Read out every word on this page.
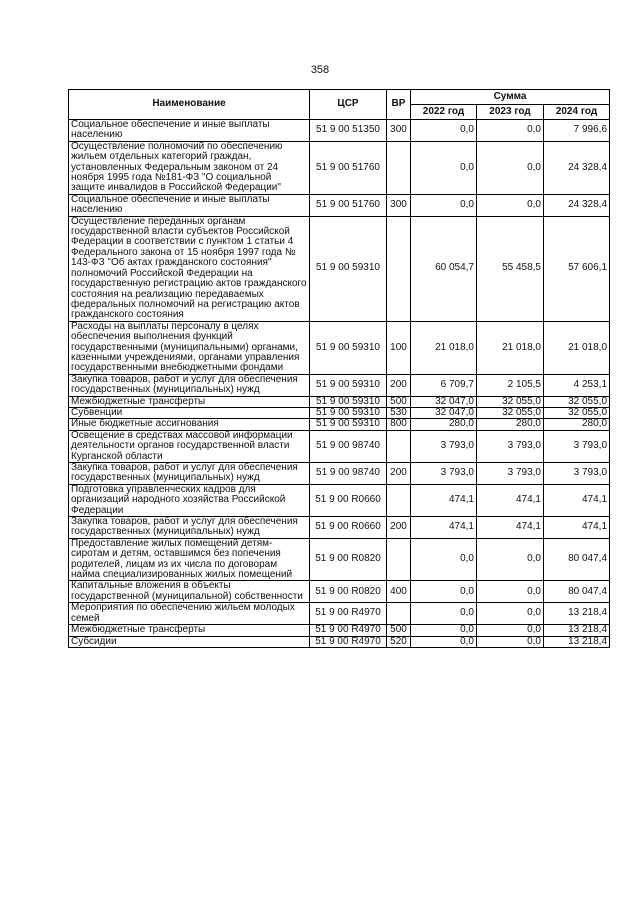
358
Наименование	ЦСР	ВР	Сумма		
			2022 год	2023 год	2024 год
Социальное обеспечение и иные выплаты населению	51 9 00 51350	300	0,0	0,0	7 996,6
Осуществление полномочий по обеспечению жильем отдельных категорий граждан, установленных Федеральным законом от 24 ноября 1995 года №181-ФЗ "О социальной защите инвалидов в Российской Федерации"	51 9 00 51760		0,0	0,0	24 328,4
Социальное обеспечение и иные выплаты населению	51 9 00 51760	300	0,0	0,0	24 328,4
Осуществление переданных органам государственной власти субъектов Российской Федерации в соответствии с пунктом 1 статьи 4 Федерального закона от 15 ноября 1997 года № 143-ФЗ "Об актах гражданского состояния" полномочий Российской Федерации на государственную регистрацию актов гражданского состояния на реализацию передаваемых федеральных полномочий на регистрацию актов гражданского состояния	51 9 00 59310		60 054,7	55 458,5	57 606,1
Расходы на выплаты персоналу в целях обеспечения выполнения функций государственными (муниципальными) органами, казенными учреждениями, органами управления государственными внебюджетными фондами	51 9 00 59310	100	21 018,0	21 018,0	21 018,0
Закупка товаров, работ и услуг для обеспечения государственных (муниципальных) нужд	51 9 00 59310	200	6 709,7	2 105,5	4 253,1
Межбюджетные трансферты	51 9 00 59310	500	32 047,0	32 055,0	32 055,0
Субвенции	51 9 00 59310	530	32 047,0	32 055,0	32 055,0
Иные бюджетные ассигнования	51 9 00 59310	800	280,0	280,0	280,0
Освещение в средствах массовой информации деятельности органов государственной власти Курганской области	51 9 00 98740		3 793,0	3 793,0	3 793,0
Закупка товаров, работ и услуг для обеспечения государственных (муниципальных) нужд	51 9 00 98740	200	3 793,0	3 793,0	3 793,0
Подготовка управленческих кадров для организаций народного хозяйства Российской Федерации	51 9 00 R0660		474,1	474,1	474,1
Закупка товаров, работ и услуг для обеспечения государственных (муниципальных) нужд	51 9 00 R0660	200	474,1	474,1	474,1
Предоставление жилых помещений детям-сиротам и детям, оставшимся без попечения родителей, лицам из их числа по договорам найма специализированных жилых помещений	51 9 00 R0820		0,0	0,0	80 047,4
Капитальные вложения в объекты государственной (муниципальной) собственности	51 9 00 R0820	400	0,0	0,0	80 047,4
Мероприятия по обеспечению жильем молодых семей	51 9 00 R4970		0,0	0,0	13 218,4
Межбюджетные трансферты	51 9 00 R4970	500	0,0	0,0	13 218,4
Субсидии	51 9 00 R4970	520	0,0	0,0	13 218,4
